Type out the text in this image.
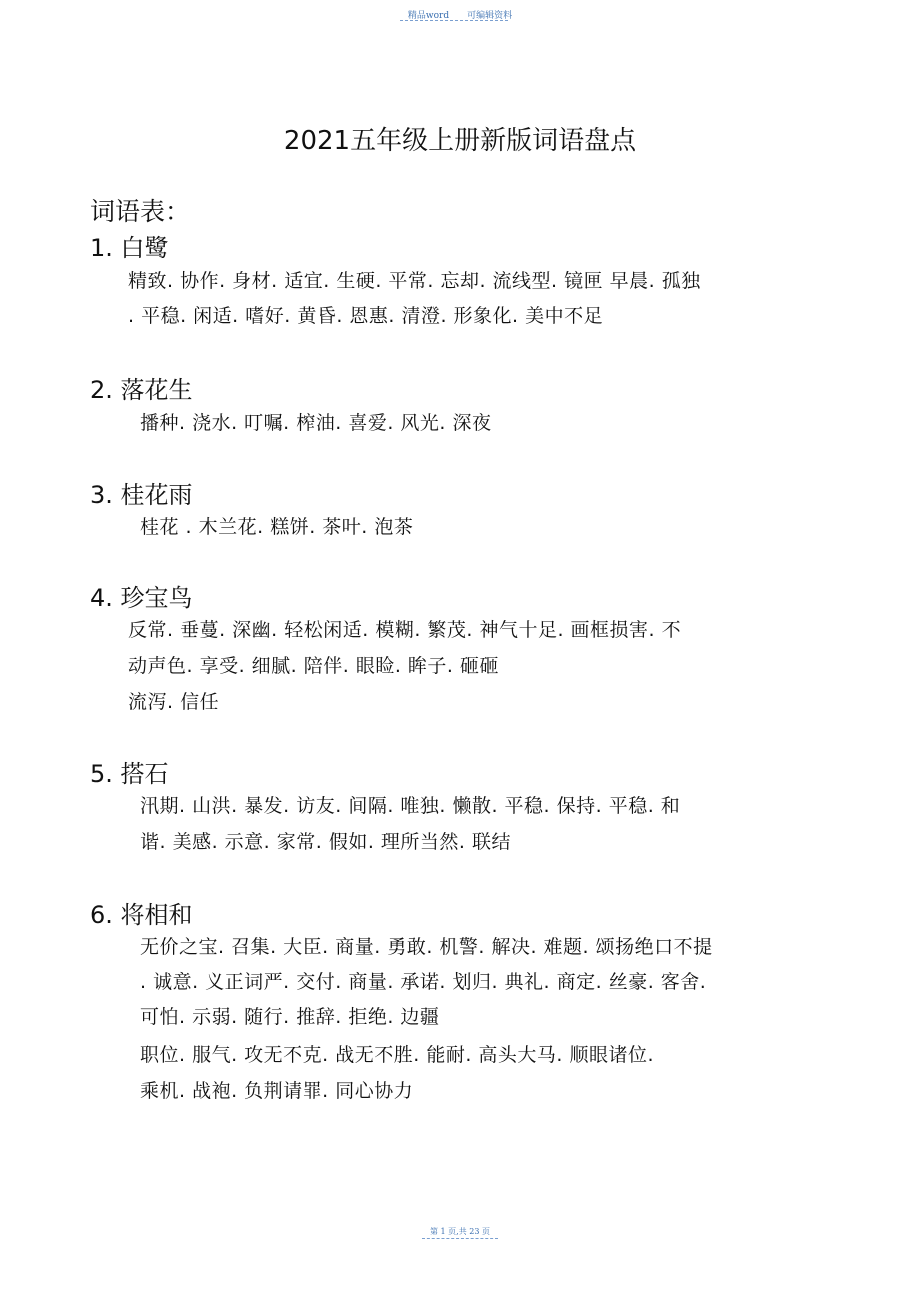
精品word 可编辑资料
2021五年级上册新版词语盘点
词语表：
1. 白鹭
精致. 协作. 身材. 适宜. 生硬. 平常. 忘却. 流线型. 镜匣 早晨. 孤独
. 平稳. 闲适. 嗜好. 黄昏. 恩惠. 清澄. 形象化. 美中不足
2. 落花生
播种. 浇水. 叮嘱. 榨油. 喜爱. 风光. 深夜
3. 桂花雨
桂花 . 木兰花. 糕饼. 茶叶. 泡茶
4. 珍宝鸟
反常. 垂蔓. 深幽. 轻松闲适. 模糊. 繁茂. 神气十足. 画框损害. 不
动声色. 享受. 细腻. 陪伴. 眼睑. 眸子. 砸砸
流泻. 信任
5. 搭石
汛期. 山洪. 暴发. 访友. 间隔. 唯独. 懒散. 平稳. 保持. 平稳. 和
谐. 美感. 示意. 家常. 假如. 理所当然. 联结
6. 将相和
无价之宝. 召集. 大臣. 商量. 勇敢. 机警. 解决. 难题. 颂扬绝口不提
. 诚意. 义正词严. 交付. 商量. 承诺. 划归. 典礼. 商定. 丝豪. 客舍.
可怕. 示弱. 随行. 推辞. 拒绝. 边疆
职位. 服气. 攻无不克. 战无不胜. 能耐. 高头大马. 顺眼诸位.
乘机. 战袍. 负荆请罪. 同心协力
第 1 页,共 23 页
